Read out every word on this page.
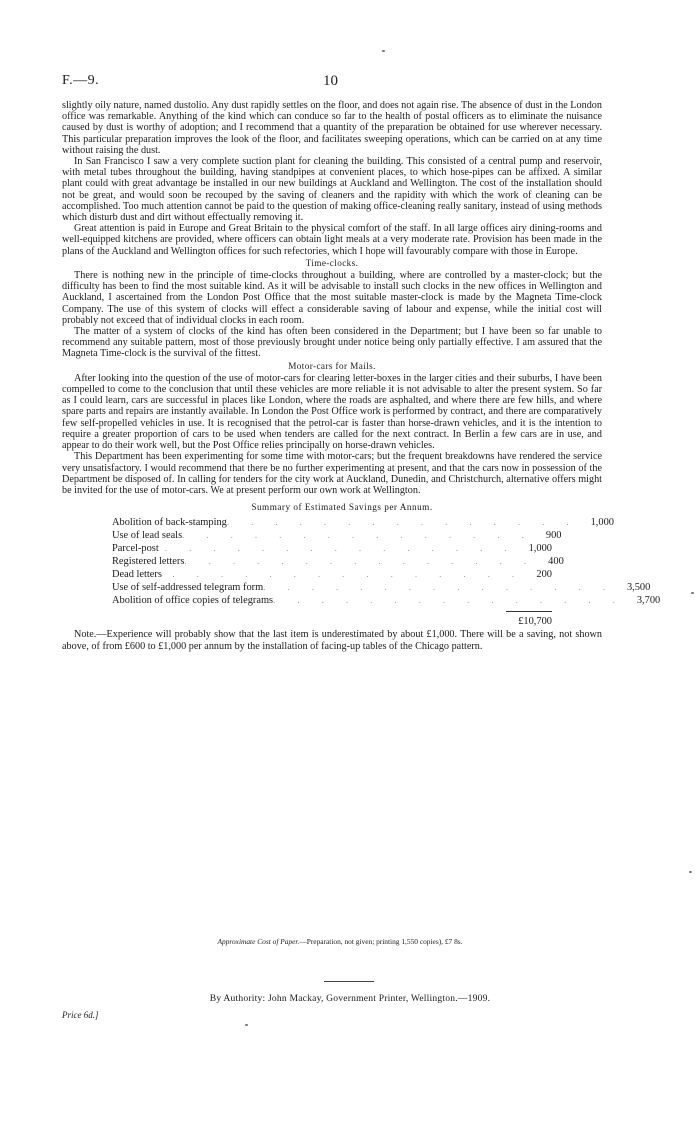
F.—9.	10

slightly oily nature, named dustolio. Any dust rapidly settles on the floor, and does not again rise. The absence of dust in the London office was remarkable. Anything of the kind which can conduce so far to the health of postal officers as to eliminate the nuisance caused by dust is worthy of adoption; and I recommend that a quantity of the preparation be obtained for use wherever necessary. This particular preparation improves the look of the floor, and facilitates sweeping operations, which can be carried on at any time without raising the dust.

In San Francisco I saw a very complete suction plant for cleaning the building. This consisted of a central pump and reservoir, with metal tubes throughout the building, having standpipes at convenient places, to which hose-pipes can be affixed. A similar plant could with great advantage be installed in our new buildings at Auckland and Wellington. The cost of the installation should not be great, and would soon be recouped by the saving of cleaners and the rapidity with which the work of cleaning can be accomplished. Too much attention cannot be paid to the question of making office-cleaning really sanitary, instead of using methods which disturb dust and dirt without effectually removing it.

Great attention is paid in Europe and Great Britain to the physical comfort of the staff. In all large offices airy dining-rooms and well-equipped kitchens are provided, where officers can obtain light meals at a very moderate rate. Provision has been made in the plans of the Auckland and Wellington offices for such refectories, which I hope will favourably compare with those in Europe.

Time-clocks.

There is nothing new in the principle of time-clocks throughout a building, where are controlled by a master-clock; but the difficulty has been to find the most suitable kind. As it will be advisable to install such clocks in the new offices in Wellington and Auckland, I ascertained from the London Post Office that the most suitable master-clock is made by the Magneta Time-clock Company. The use of this system of clocks will effect a considerable saving of labour and expense, while the initial cost will probably not exceed that of individual clocks in each room.

The matter of a system of clocks of the kind has often been considered in the Department; but I have been so far unable to recommend any suitable pattern, most of those previously brought under notice being only partially effective. I am assured that the Magneta Time-clock is the survival of the fittest.

Motor-cars for Mails.

After looking into the question of the use of motor-cars for clearing letter-boxes in the larger cities and their suburbs, I have been compelled to come to the conclusion that until these vehicles are more reliable it is not advisable to alter the present system. So far as I could learn, cars are successful in places like London, where the roads are asphalted, and where there are few hills, and where spare parts and repairs are instantly available. In London the Post Office work is performed by contract, and there are comparatively few self-propelled vehicles in use. It is recognised that the petrol-car is faster than horse-drawn vehicles, and it is the intention to require a greater proportion of cars to be used when tenders are called for the next contract. In Berlin a few cars are in use, and appear to do their work well, but the Post Office relies principally on horse-drawn vehicles.

This Department has been experimenting for some time with motor-cars; but the frequent breakdowns have rendered the service very unsatisfactory. I would recommend that there be no further experimenting at present, and that the cars now in possession of the Department be disposed of. In calling for tenders for the city work at Auckland, Dunedin, and Christchurch, alternative offers might be invited for the use of motor-cars. We at present perform our own work at Wellington.

Summary of Estimated Savings per Annum.
Abolition of back-stamping ............... 1,000
Use of lead seals ............... 900
Parcel-post ............... 1,000
Registered letters ............... 400
Dead letters	............... 200
Use of self-addressed telegram form ............... 3,500
Abolition of office copies of telegrams ............... 3,700
£10,700

Note.—Experience will probably show that the last item is underestimated by about £1,000. There will be a saving, not shown above, of from £600 to £1,000 per annum by the installation of facing-up tables of the Chicago pattern.

Approximate Cost of Paper.—Preparation, not given; printing 1,550 copies), £7 8s.
By Authority: John Mackay, Government Printer, Wellington.—1909.
Price 6d.]
